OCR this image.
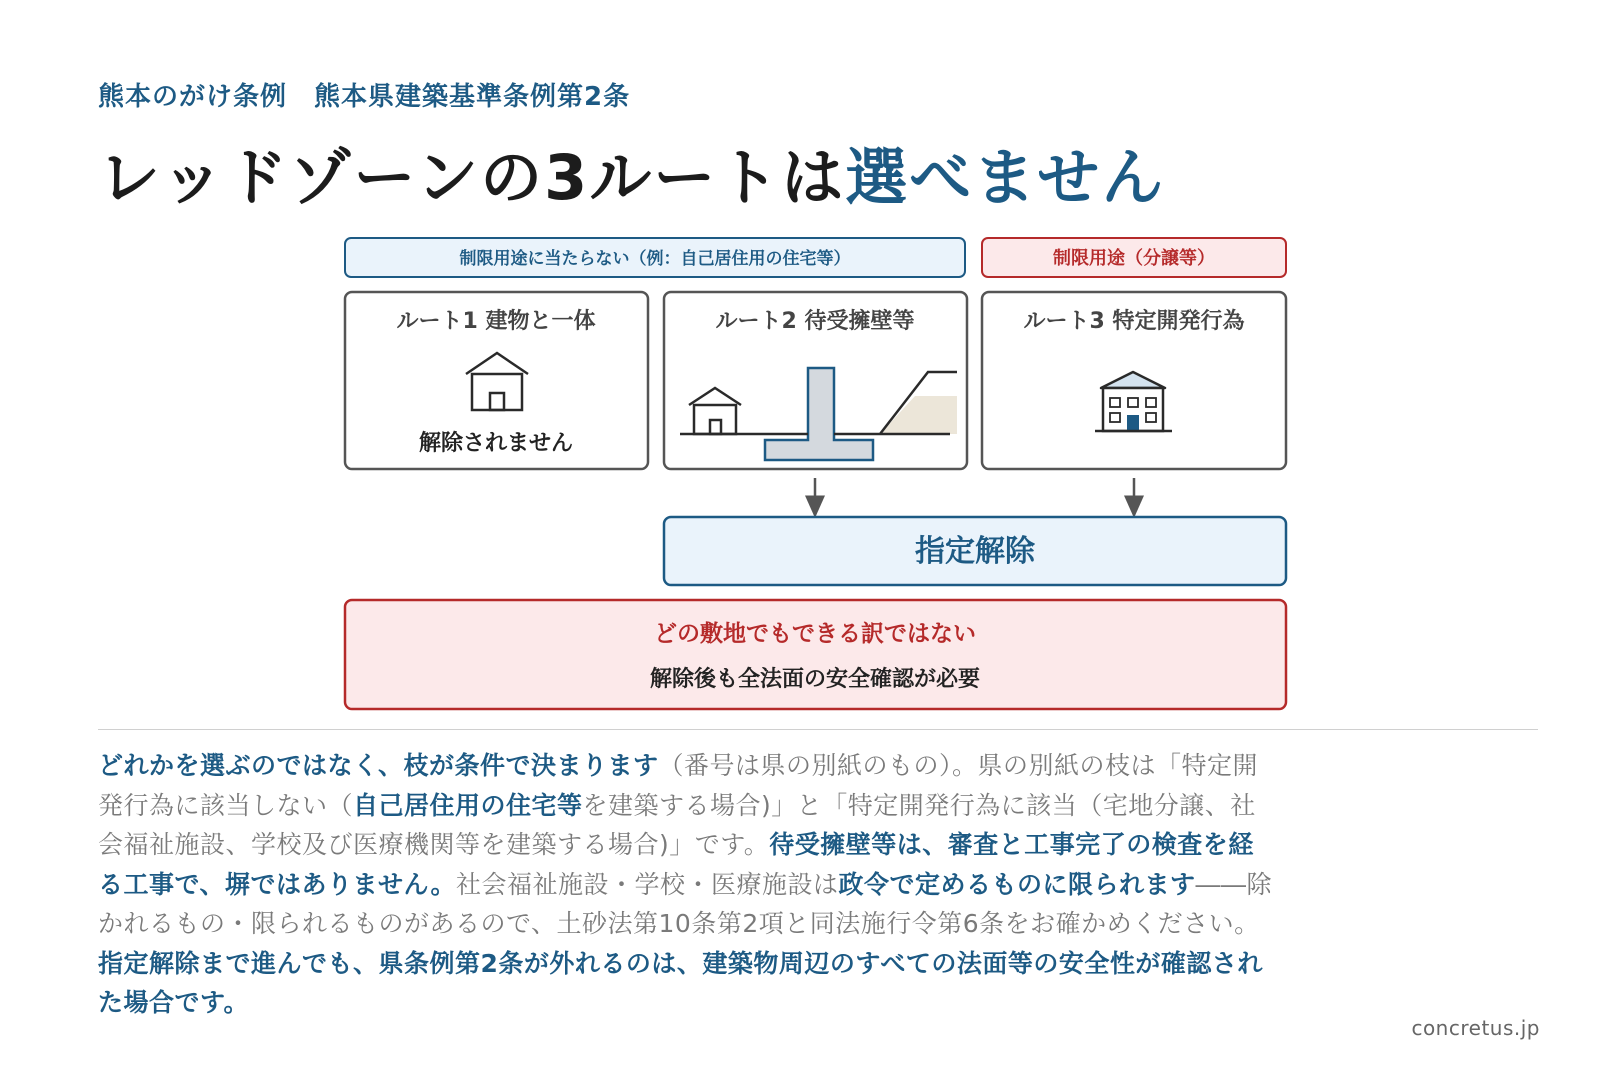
熊本のがけ条例　熊本県建築基準条例第2条
レッドゾーンの3ルートは選べません
制限用途に当たらない（例：自己居住用の住宅等）	制限用途（分譲等）
ルート1 建物と一体
解除されません
ルート2 待受擁壁等	ルート3 特定開発行為
指定解除
どの敷地でもできる訳ではない
解除後も全法面の安全確認が必要
どれかを選ぶのではなく、枝が条件で決まります（番号は県の別紙のもの）。県の別紙の枝は「特定開発行為に該当しない（自己居住用の住宅等を建築する場合)」と「特定開発行為に該当（宅地分譲、社会福祉施設、学校及び医療機関等を建築する場合)」です。待受擁壁等は、審査と工事完了の検査を経る工事で、塀ではありません。社会福祉施設・学校・医療施設は政令で定めるものに限られます――除かれるもの・限られるものがあるので、土砂法第10条第2項と同法施行令第6条をお確かめください。指定解除まで進んでも、県条例第2条が外れるのは、建築物周辺のすべての法面等の安全性が確認された場合です。
concretus.jp
